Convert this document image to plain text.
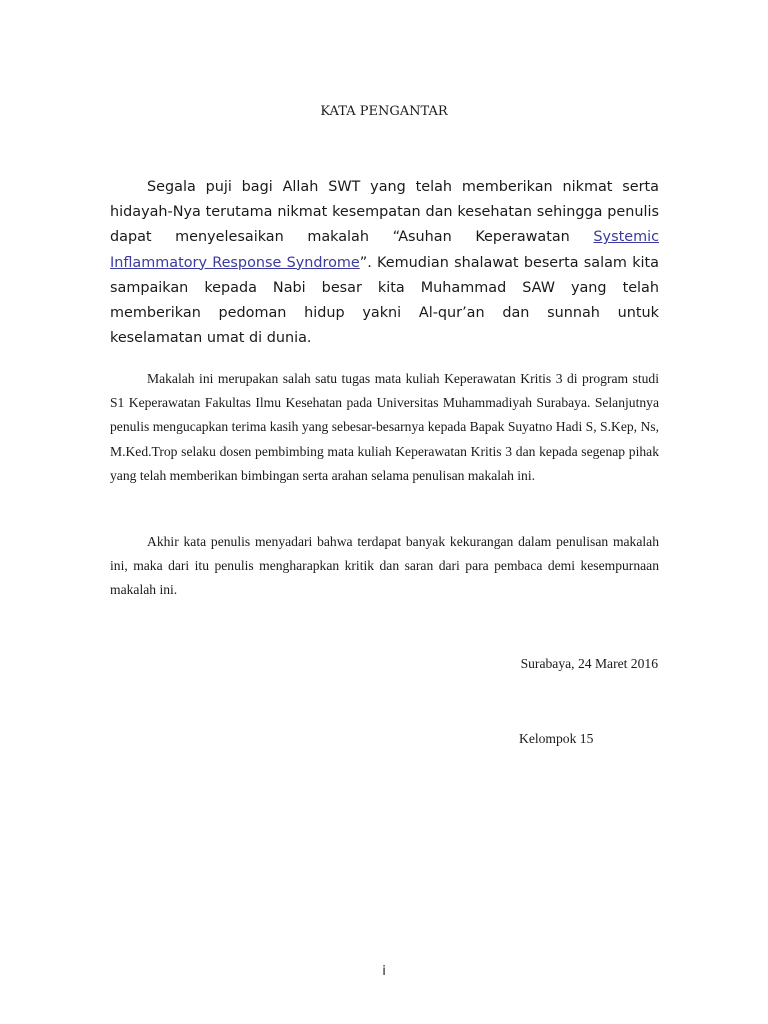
KATA PENGANTAR

Segala puji bagi Allah SWT yang telah memberikan nikmat serta hidayah-Nya terutama nikmat kesempatan dan kesehatan sehingga penulis dapat menyelesaikan makalah “Asuhan Keperawatan Systemic Inflammatory Response Syndrome”. Kemudian shalawat beserta salam kita sampaikan kepada Nabi besar kita Muhammad SAW yang telah memberikan pedoman hidup yakni Al-qur’an dan sunnah untuk keselamatan umat di dunia.

Makalah ini merupakan salah satu tugas mata kuliah Keperawatan Kritis 3 di program studi S1 Keperawatan Fakultas Ilmu Kesehatan pada Universitas Muhammadiyah Surabaya. Selanjutnya penulis mengucapkan terima kasih yang sebesar-besarnya kepada Bapak Suyatno Hadi S, S.Kep, Ns, M.Ked.Trop selaku dosen pembimbing mata kuliah Keperawatan Kritis 3 dan kepada segenap pihak yang telah memberikan bimbingan serta arahan selama penulisan makalah ini.

Akhir kata penulis menyadari bahwa terdapat banyak kekurangan dalam penulisan makalah ini, maka dari itu penulis mengharapkan kritik dan saran dari para pembaca demi kesempurnaan makalah ini.

Surabaya, 24 Maret 2016
Kelompok 15
i
